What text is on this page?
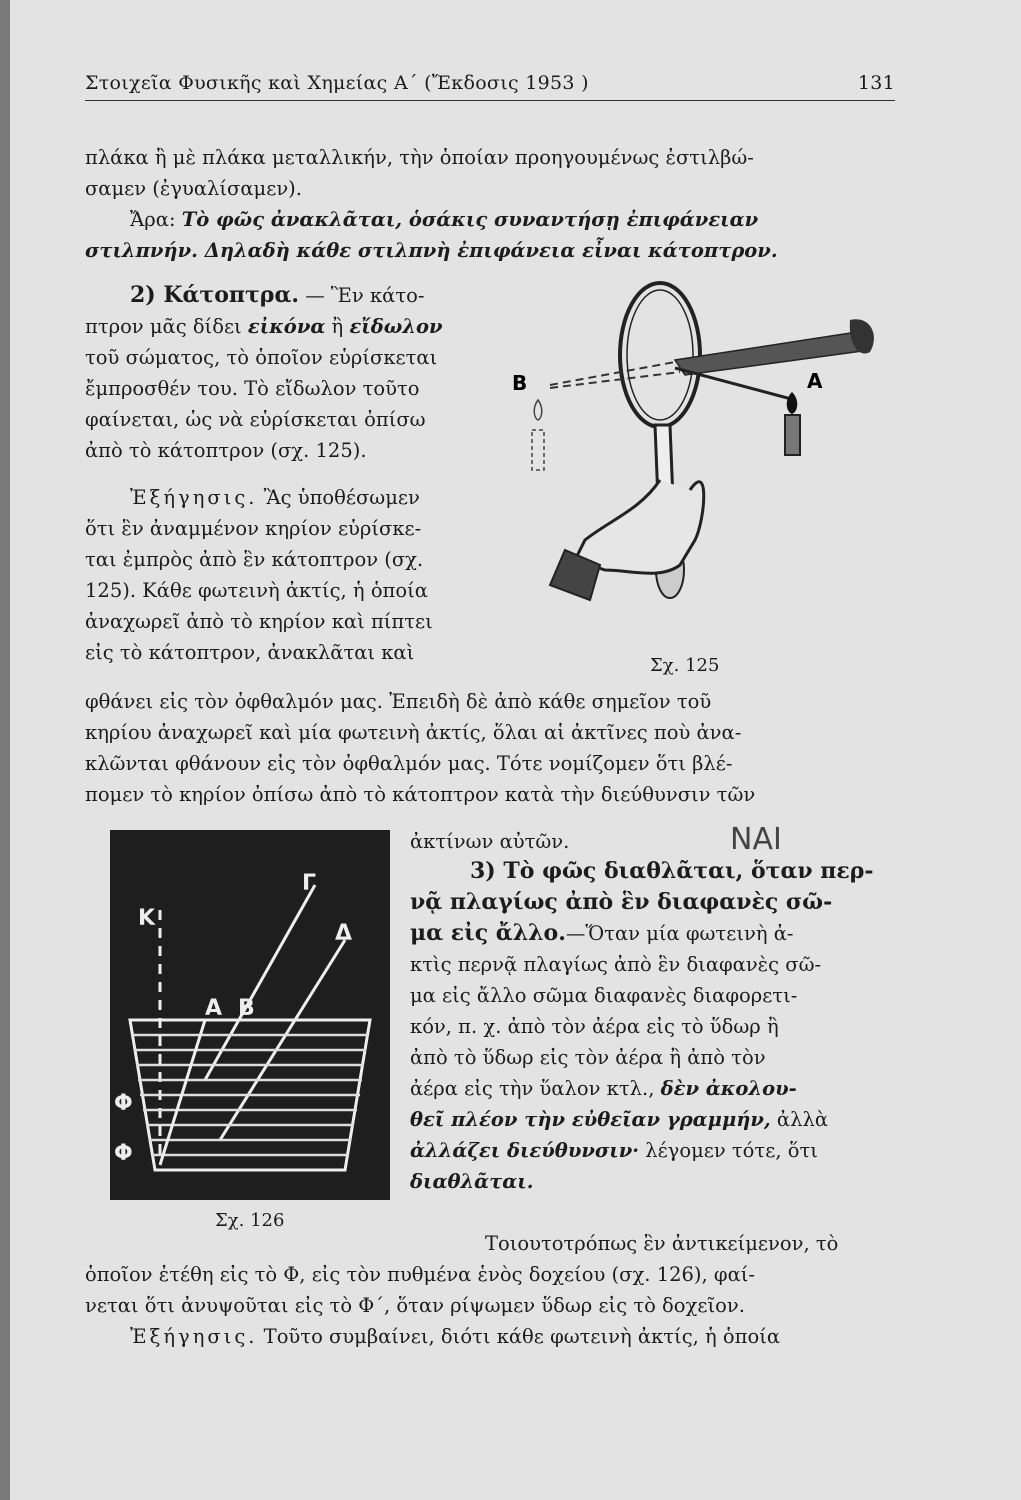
Στοιχεῖα Φυσικῆς καὶ Χημείας Α΄ (Ἔκδοσις 1953 )	131
πλάκα ἢ μὲ πλάκα μεταλλικήν, τὴν ὁποίαν προηγουμένως ἐστιλβώ-
σαμεν (ἐγυαλίσαμεν).
Ἄρα: Τὸ φῶς ἀνακλᾶται, ὁσάκις συναντήσῃ ἐπιφάνειαν
στιλπνήν. Δηλαδὴ κάθε στιλπνὴ ἐπιφάνεια εἶναι κάτοπτρον.
2) Κάτοπτρα. — Ἓν κάτο-
πτρον μᾶς δίδει εἰκόνα ἢ εἴδωλον
τοῦ σώματος, τὸ ὁποῖον εὑρίσκεται
ἔμπροσθέν του. Τὸ εἴδωλον τοῦτο
φαίνεται, ὡς νὰ εὑρίσκεται ὀπίσω
ἀπὸ τὸ κάτοπτρον (σχ. 125).
Ἐξήγησις. Ἂς ὑποθέσωμεν
ὅτι ἓν ἀναμμένον κηρίον εὑρίσκε-
ται ἐμπρὸς ἀπὸ ἓν κάτοπτρον (σχ.
125). Κάθε φωτεινὴ ἀκτίς, ἡ ὁποία
ἀναχωρεῖ ἀπὸ τὸ κηρίον καὶ πίπτει
εἰς τὸ κάτοπτρον, ἀνακλᾶται καὶ
Β	Α
Σχ. 125
φθάνει εἰς τὸν ὀφθαλμόν μας. Ἐπειδὴ δὲ ἀπὸ κάθε σημεῖον τοῦ
κηρίου ἀναχωρεῖ καὶ μία φωτεινὴ ἀκτίς, ὅλαι αἱ ἀκτῖνες ποὺ ἀνα-
κλῶνται φθάνουν εἰς τὸν ὀφθαλμόν μας. Τότε νομίζομεν ὅτι βλέ-
πομεν τὸ κηρίον ὀπίσω ἀπὸ τὸ κάτοπτρον κατὰ τὴν διεύθυνσιν τῶν
Κ
Γ
Δ
Α Β
Φ
Φ
Σχ. 126
ἀκτίνων αὐτῶν.	ΝΑΙ
3) Τὸ φῶς διαθλᾶται, ὅταν περ-
νᾷ πλαγίως ἀπὸ ἓν διαφανὲς σῶ-
μα εἰς ἄλλο.—Ὅταν μία φωτεινὴ ἀ-
κτὶς περνᾷ πλαγίως ἀπὸ ἓν διαφανὲς σῶ-
μα εἰς ἄλλο σῶμα διαφανὲς διαφορετι-
κόν, π. χ. ἀπὸ τὸν ἀέρα εἰς τὸ ὕδωρ ἢ
ἀπὸ τὸ ὕδωρ εἰς τὸν ἀέρα ἢ ἀπὸ τὸν
ἀέρα εἰς τὴν ὕαλον κτλ., δὲν ἀκολου-
θεῖ πλέον τὴν εὐθεῖαν γραμμήν, ἀλλὰ
ἀλλάζει διεύθυνσιν· λέγομεν τότε, ὅτι
διαθλᾶται.
Τοιουτοτρόπως ἓν ἀντικείμενον, τὸ
ὁποῖον ἐτέθη εἰς τὸ Φ, εἰς τὸν πυθμένα ἑνὸς δοχείου (σχ. 126), φαί-
νεται ὅτι ἀνυψοῦται εἰς τὸ Φ΄, ὅταν ρίψωμεν ὕδωρ εἰς τὸ δοχεῖον.
Ἐξήγησις. Τοῦτο συμβαίνει, διότι κάθε φωτεινὴ ἀκτίς, ἡ ὁποία
